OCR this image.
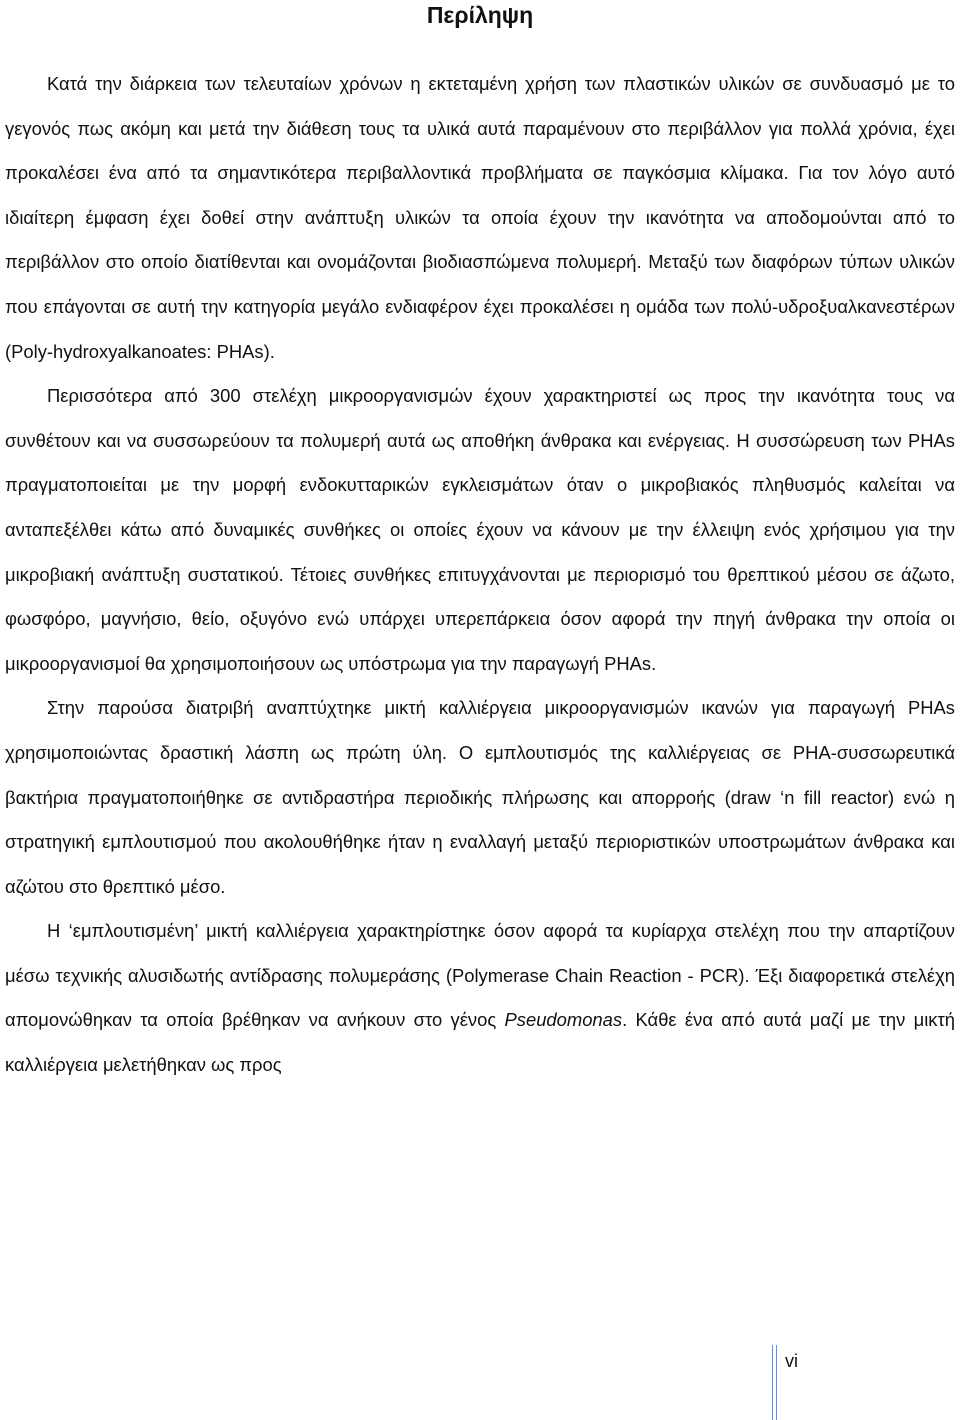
Περίληψη

Κατά την διάρκεια των τελευταίων χρόνων η εκτεταμένη χρήση των πλαστικών υλικών σε συνδυασμό με το γεγονός πως ακόμη και μετά την διάθεση τους τα υλικά αυτά παραμένουν στο περιβάλλον για πολλά χρόνια, έχει προκαλέσει ένα από τα σημαντικότερα περιβαλλοντικά προβλήματα σε παγκόσμια κλίμακα. Για τον λόγο αυτό ιδιαίτερη έμφαση έχει δοθεί στην ανάπτυξη υλικών τα οποία έχουν την ικανότητα να αποδομούνται από το περιβάλλον στο οποίο διατίθενται και ονομάζονται βιοδιασπώμενα πολυμερή. Μεταξύ των διαφόρων τύπων υλικών που επάγονται σε αυτή την κατηγορία μεγάλο ενδιαφέρον έχει προκαλέσει η ομάδα των πολύ-υδροξυαλκανεστέρων (Poly-hydroxyalkanoates: PHAs).

Περισσότερα από 300 στελέχη μικροοργανισμών έχουν χαρακτηριστεί ως προς την ικανότητα τους να συνθέτουν και να συσσωρεύουν τα πολυμερή αυτά ως αποθήκη άνθρακα και ενέργειας. Η συσσώρευση των PHAs πραγματοποιείται με την μορφή ενδοκυτταρικών εγκλεισμάτων όταν ο μικροβιακός πληθυσμός καλείται να ανταπεξέλθει κάτω από δυναμικές συνθήκες οι οποίες έχουν να κάνουν με την έλλειψη ενός χρήσιμου για την μικροβιακή ανάπτυξη συστατικού. Τέτοιες συνθήκες επιτυγχάνονται με περιορισμό του θρεπτικού μέσου σε άζωτο, φωσφόρο, μαγνήσιο, θείο, οξυγόνο ενώ υπάρχει υπερεπάρκεια όσον αφορά την πηγή άνθρακα την οποία οι μικροοργανισμοί θα χρησιμοποιήσουν ως υπόστρωμα για την παραγωγή PHAs.

Στην παρούσα διατριβή αναπτύχτηκε μικτή καλλιέργεια μικροοργανισμών ικανών για παραγωγή PHAs χρησιμοποιώντας δραστική λάσπη ως πρώτη ύλη. Ο εμπλουτισμός της καλλιέργειας σε PHA-συσσωρευτικά βακτήρια πραγματοποιήθηκε σε αντιδραστήρα περιοδικής πλήρωσης και απορροής (draw ‘n fill reactor) ενώ η στρατηγική εμπλουτισμού που ακολουθήθηκε ήταν η εναλλαγή μεταξύ περιοριστικών υποστρωμάτων άνθρακα και αζώτου στο θρεπτικό μέσο.

Η ‘εμπλουτισμένη’ μικτή καλλιέργεια χαρακτηρίστηκε όσον αφορά τα κυρίαρχα στελέχη που την απαρτίζουν μέσω τεχνικής αλυσιδωτής αντίδρασης πολυμεράσης (Polymerase Chain Reaction - PCR). Έξι διαφορετικά στελέχη απομονώθηκαν τα οποία βρέθηκαν να ανήκουν στο γένος Pseudomonas. Κάθε ένα από αυτά μαζί με την μικτή καλλιέργεια μελετήθηκαν ως προς

vi
